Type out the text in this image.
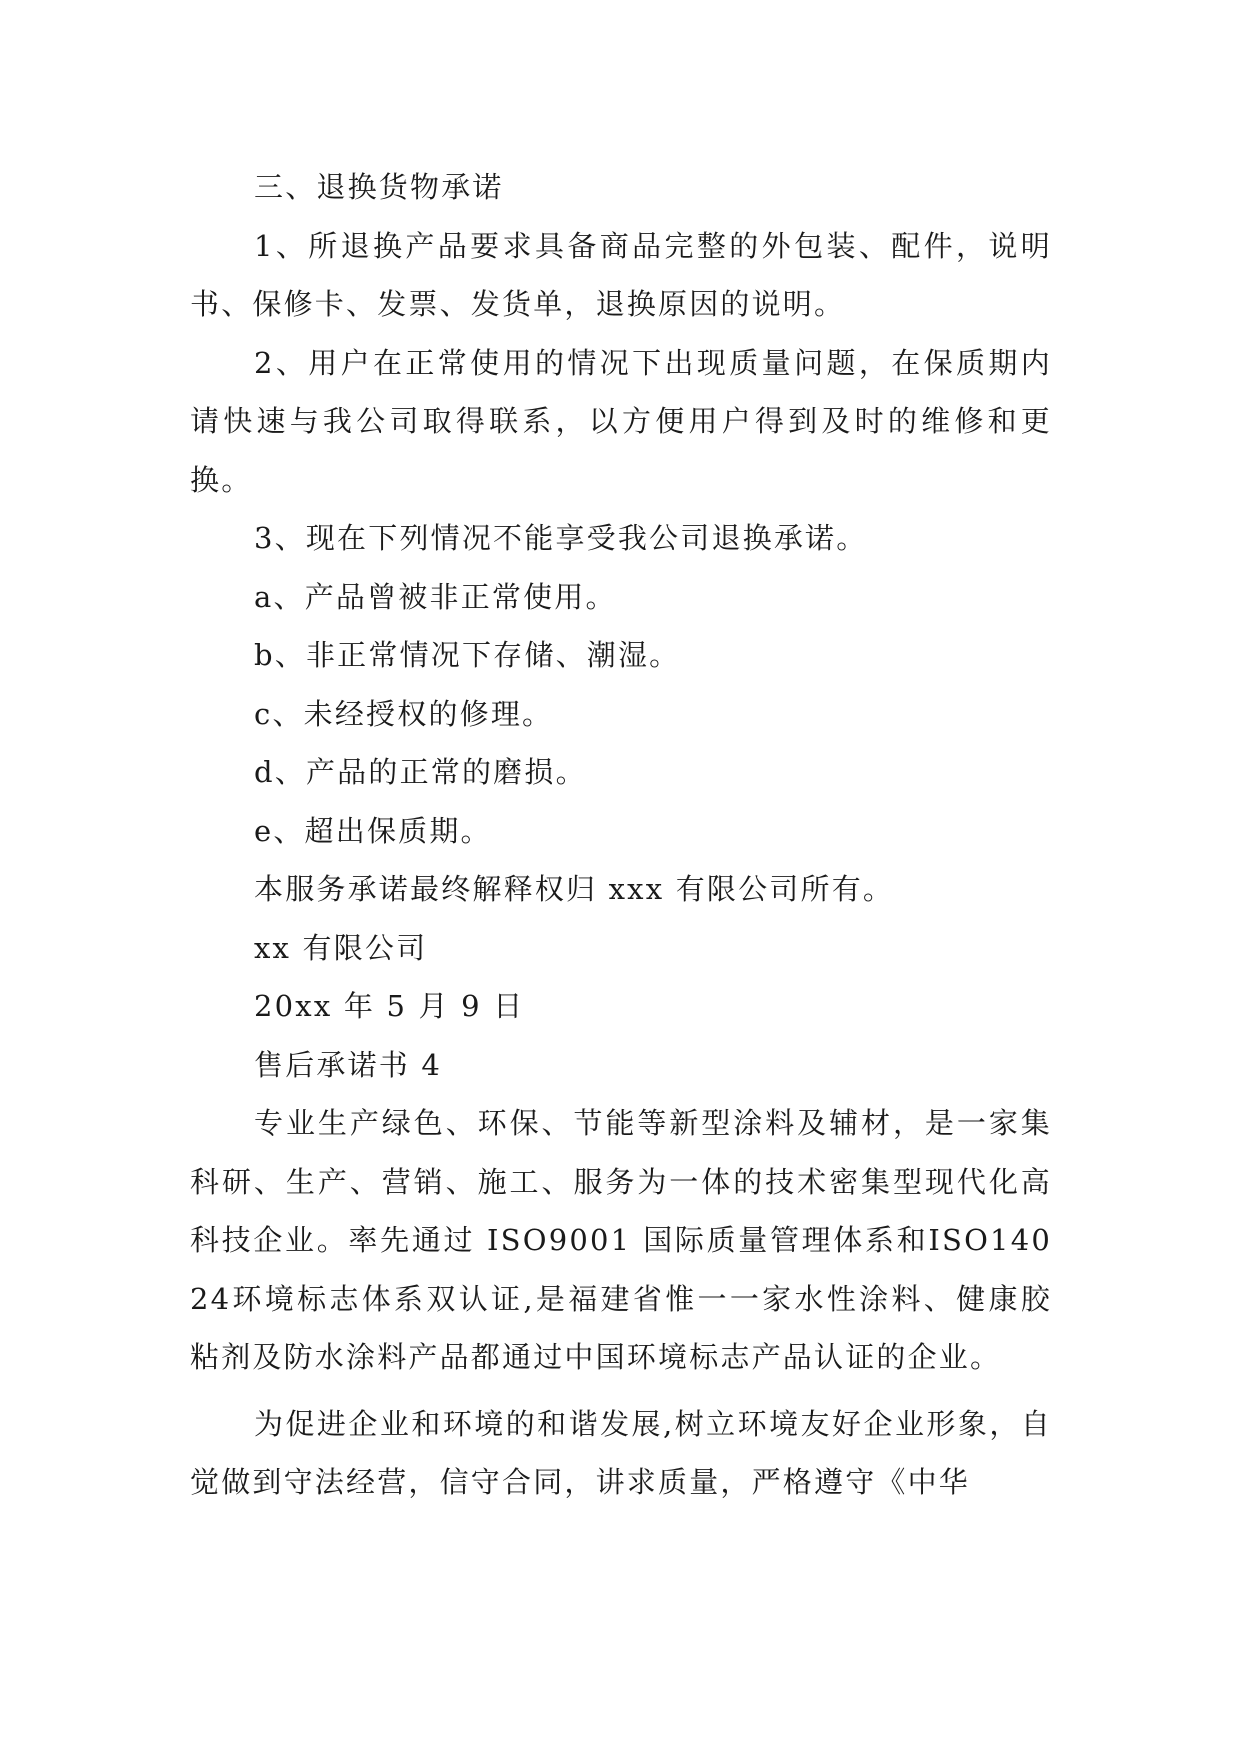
三、退换货物承诺

1、所退换产品要求具备商品完整的外包装、配件，说明书、保修卡、发票、发货单，退换原因的说明。

2、用户在正常使用的情况下出现质量问题，在保质期内请快速与我公司取得联系，以方便用户得到及时的维修和更换。

3、现在下列情况不能享受我公司退换承诺。

a、产品曾被非正常使用。

b、非正常情况下存储、潮湿。

c、未经授权的修理。

d、产品的正常的磨损。

e、超出保质期。

本服务承诺最终解释权归 xxx 有限公司所有。

xx 有限公司

20xx 年 5 月 9 日

售后承诺书 4

专业生产绿色、环保、节能等新型涂料及辅材，是一家集科研、生产、营销、施工、服务为一体的技术密集型现代化高科技企业。率先通过 ISO9001 国际质量管理体系和ISO14024环境标志体系双认证,是福建省惟一一家水性涂料、健康胶粘剂及防水涂料产品都通过中国环境标志产品认证的企业。

为促进企业和环境的和谐发展,树立环境友好企业形象，自觉做到守法经营，信守合同，讲求质量，严格遵守《中华
